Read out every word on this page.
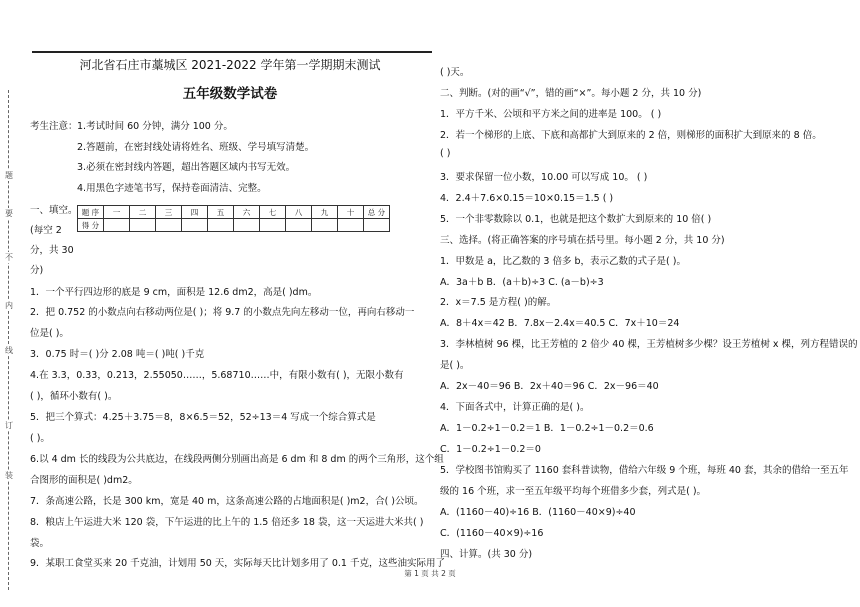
题
要
不
内
线
订
装
河北省石庄市藁城区 2021-2022 学年第一学期期末测试
五年级数学试卷
考生注意： 1.考试时间 60 分钟，满分 100 分。
2.答题前，在密封线处请将姓名、班级、学号填写清楚。
3.必须在密封线内答题，超出答题区域内书写无效。
4.用黑色字迹笔书写，保持卷面清洁、完整。
一、填空。
(每空 2
分，共 30
分)
题 序	一	二	三	四	五	六	七	八	九	十	总 分
得 分											
1．一个平行四边形的底是 9 cm，面积是 12.6 dm2，高是( )dm。
2．把 0.752 的小数点向右移动两位是( )；将 9.7 的小数点先向左移动一位，再向右移动一
位是( )。
3．0.75 时＝( )分 2.08 吨＝( )吨( )千克
4.在 3.3，0.33，0.213，2.55050……，5.68710……中，有限小数有( )，无限小数有
( )，循环小数有( )。
5．把三个算式：4.25＋3.75＝8，8×6.5＝52，52÷13＝4 写成一个综合算式是
( )。
6.以 4 dm 长的线段为公共底边，在线段两侧分别画出高是 6 dm 和 8 dm 的两个三角形，这个组
合图形的面积是( )dm2。
7．条高速公路，长是 300 km，宽是 40 m，这条高速公路的占地面积是( )m2，合( )公顷。
8．粮店上午运进大米 120 袋，下午运进的比上午的 1.5 倍还多 18 袋，这一天运进大米共( )
袋。
9．某职工食堂买来 20 千克油，计划用 50 天，实际每天比计划多用了 0.1 千克，这些油实际用了
( )天。
二、判断。(对的画“√”，错的画“×”。每小题 2 分，共 10 分)
1．平方千米、公顷和平方米之间的进率是 100。 ( )
2．若一个梯形的上底、下底和高都扩大到原来的 2 倍，则梯形的面积扩大到原来的 8 倍。
( )
3．要求保留一位小数，10.00 可以写成 10。 ( )
4．2.4＋7.6×0.15＝10×0.15＝1.5 ( )
5．一个非零数除以 0.1，也就是把这个数扩大到原来的 10 倍( )
三、选择。(将正确答案的序号填在括号里。每小题 2 分，共 10 分)
1．甲数是 a，比乙数的 3 倍多 b，表示乙数的式子是( )。
A．3a＋b B．(a＋b)÷3 C. (a－b)÷3
2．x＝7.5 是方程( )的解。
A．8＋4x＝42 B．7.8x－2.4x＝40.5 C．7x＋10＝24
3．李林植树 96 棵，比王芳植的 2 倍少 40 棵，王芳植树多少棵？设王芳植树 x 棵，列方程错误的
是( )。
A．2x－40＝96 B．2x＋40＝96 C．2x－96＝40
4．下面各式中，计算正确的是( )。
A．1－0.2÷1－0.2＝1 B．1－0.2÷1－0.2＝0.6
C．1－0.2÷1－0.2＝0
5．学校图书馆购买了 1160 套科普读物，借给六年级 9 个班，每班 40 套，其余的借给一至五年
级的 16 个班，求一至五年级平均每个班借多少套，列式是( )。
A．(1160－40)÷16 B．(1160－40×9)÷40
C．(1160－40×9)÷16
四、计算。(共 30 分)
第 1 页 共 2 页
